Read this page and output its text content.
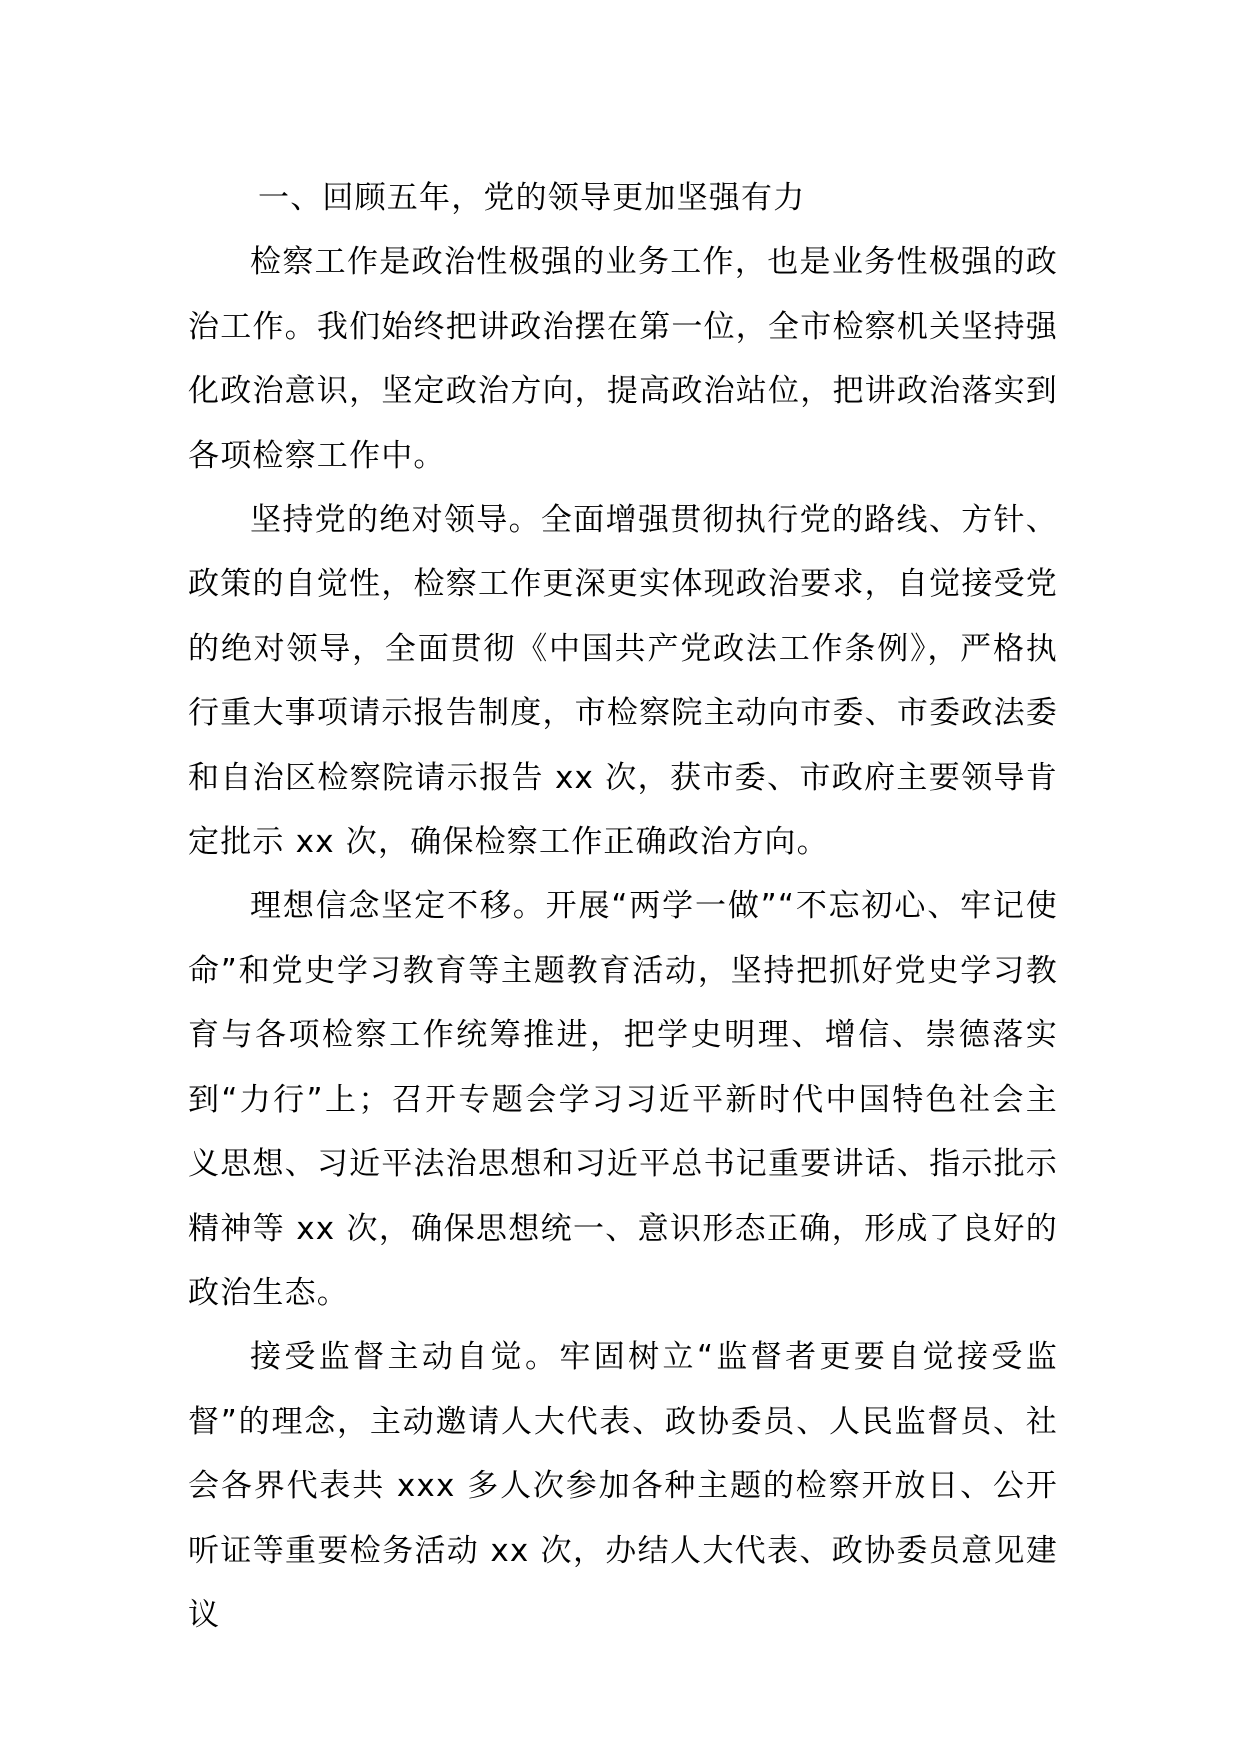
一、回顾五年，党的领导更加坚强有力

检察工作是政治性极强的业务工作，也是业务性极强的政治工作。我们始终把讲政治摆在第一位，全市检察机关坚持强化政治意识，坚定政治方向，提高政治站位，把讲政治落实到各项检察工作中。

坚持党的绝对领导。全面增强贯彻执行党的路线、方针、政策的自觉性，检察工作更深更实体现政治要求，自觉接受党的绝对领导，全面贯彻《中国共产党政法工作条例》，严格执行重大事项请示报告制度，市检察院主动向市委、市委政法委和自治区检察院请示报告 xx 次，获市委、市政府主要领导肯定批示 xx 次，确保检察工作正确政治方向。

理想信念坚定不移。开展“两学一做”“不忘初心、牢记使命”和党史学习教育等主题教育活动，坚持把抓好党史学习教育与各项检察工作统筹推进，把学史明理、增信、崇德落实到“力行”上；召开专题会学习习近平新时代中国特色社会主义思想、习近平法治思想和习近平总书记重要讲话、指示批示精神等 xx 次，确保思想统一、意识形态正确，形成了良好的政治生态。

接受监督主动自觉。牢固树立“监督者更要自觉接受监督”的理念，主动邀请人大代表、政协委员、人民监督员、社会各界代表共 xxx 多人次参加各种主题的检察开放日、公开听证等重要检务活动 xx 次，办结人大代表、政协委员意见建议
